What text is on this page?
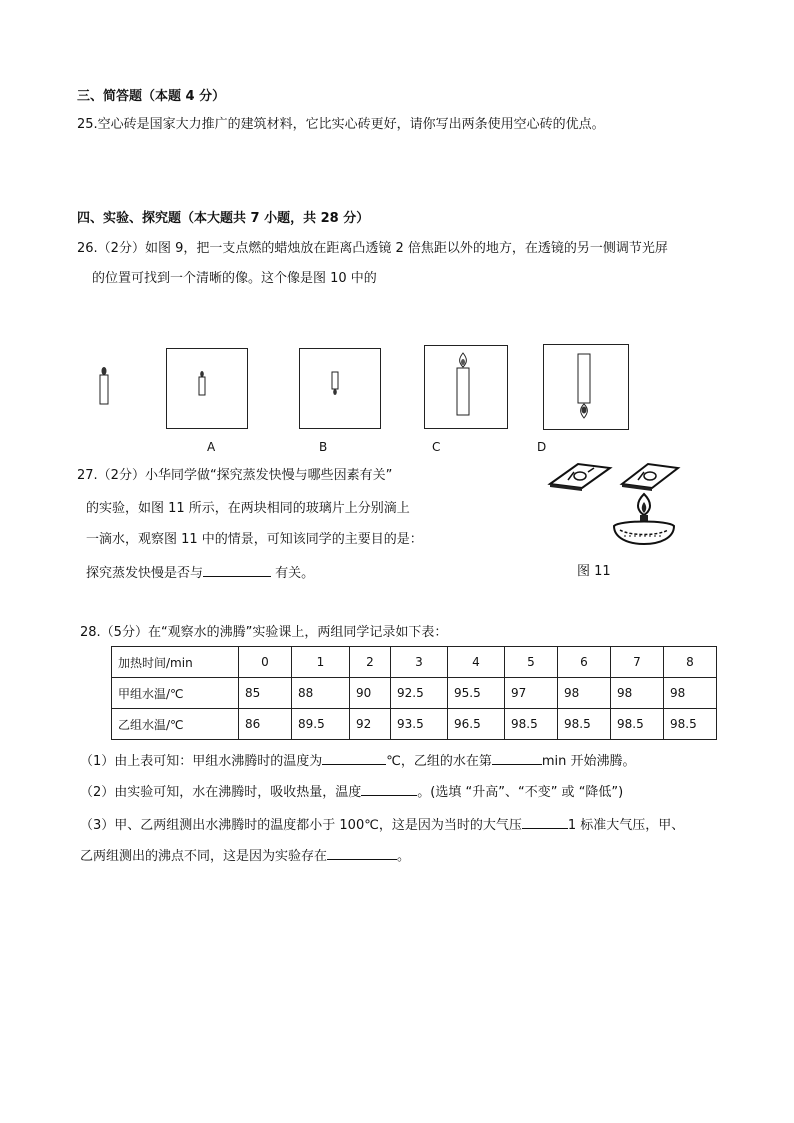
三、简答题（本题 4 分）
25.空心砖是国家大力推广的建筑材料，它比实心砖更好，请你写出两条使用空心砖的优点。
四、实验、探究题（本大题共 7 小题，共 28 分）
26.（2分）如图 9，把一支点燃的蜡烛放在距离凸透镜 2 倍焦距以外的地方，在透镜的另一侧调节光屏
的位置可找到一个清晰的像。这个像是图 10 中的
A	B	C	D
27.（2分）小华同学做“探究蒸发快慢与哪些因素有关”
的实验，如图 11 所示，在两块相同的玻璃片上分别滴上
一滴水，观察图 11 中的情景，可知该同学的主要目的是：
探究蒸发快慢是否与	有关。	图 11
28.（5分）在“观察水的沸腾”实验课上，两组同学记录如下表：
加热时间/min	0	1	2	3	4	5	6	7	8
甲组水温/℃	85	88	90	92.5	95.5	97	98	98	98
乙组水温/℃	86	89.5	92	93.5	96.5	98.5	98.5	98.5	98.5
（1）由上表可知：甲组水沸腾时的温度为	℃，乙组的水在第	min 开始沸腾。
（2）由实验可知，水在沸腾时，吸收热量，温度	。(选填 “升高”、“不变” 或 “降低”)
（3）甲、乙两组测出水沸腾时的温度都小于 100℃，这是因为当时的大气压	1 标准大气压，甲、
乙两组测出的沸点不同，这是因为实验存在	。
